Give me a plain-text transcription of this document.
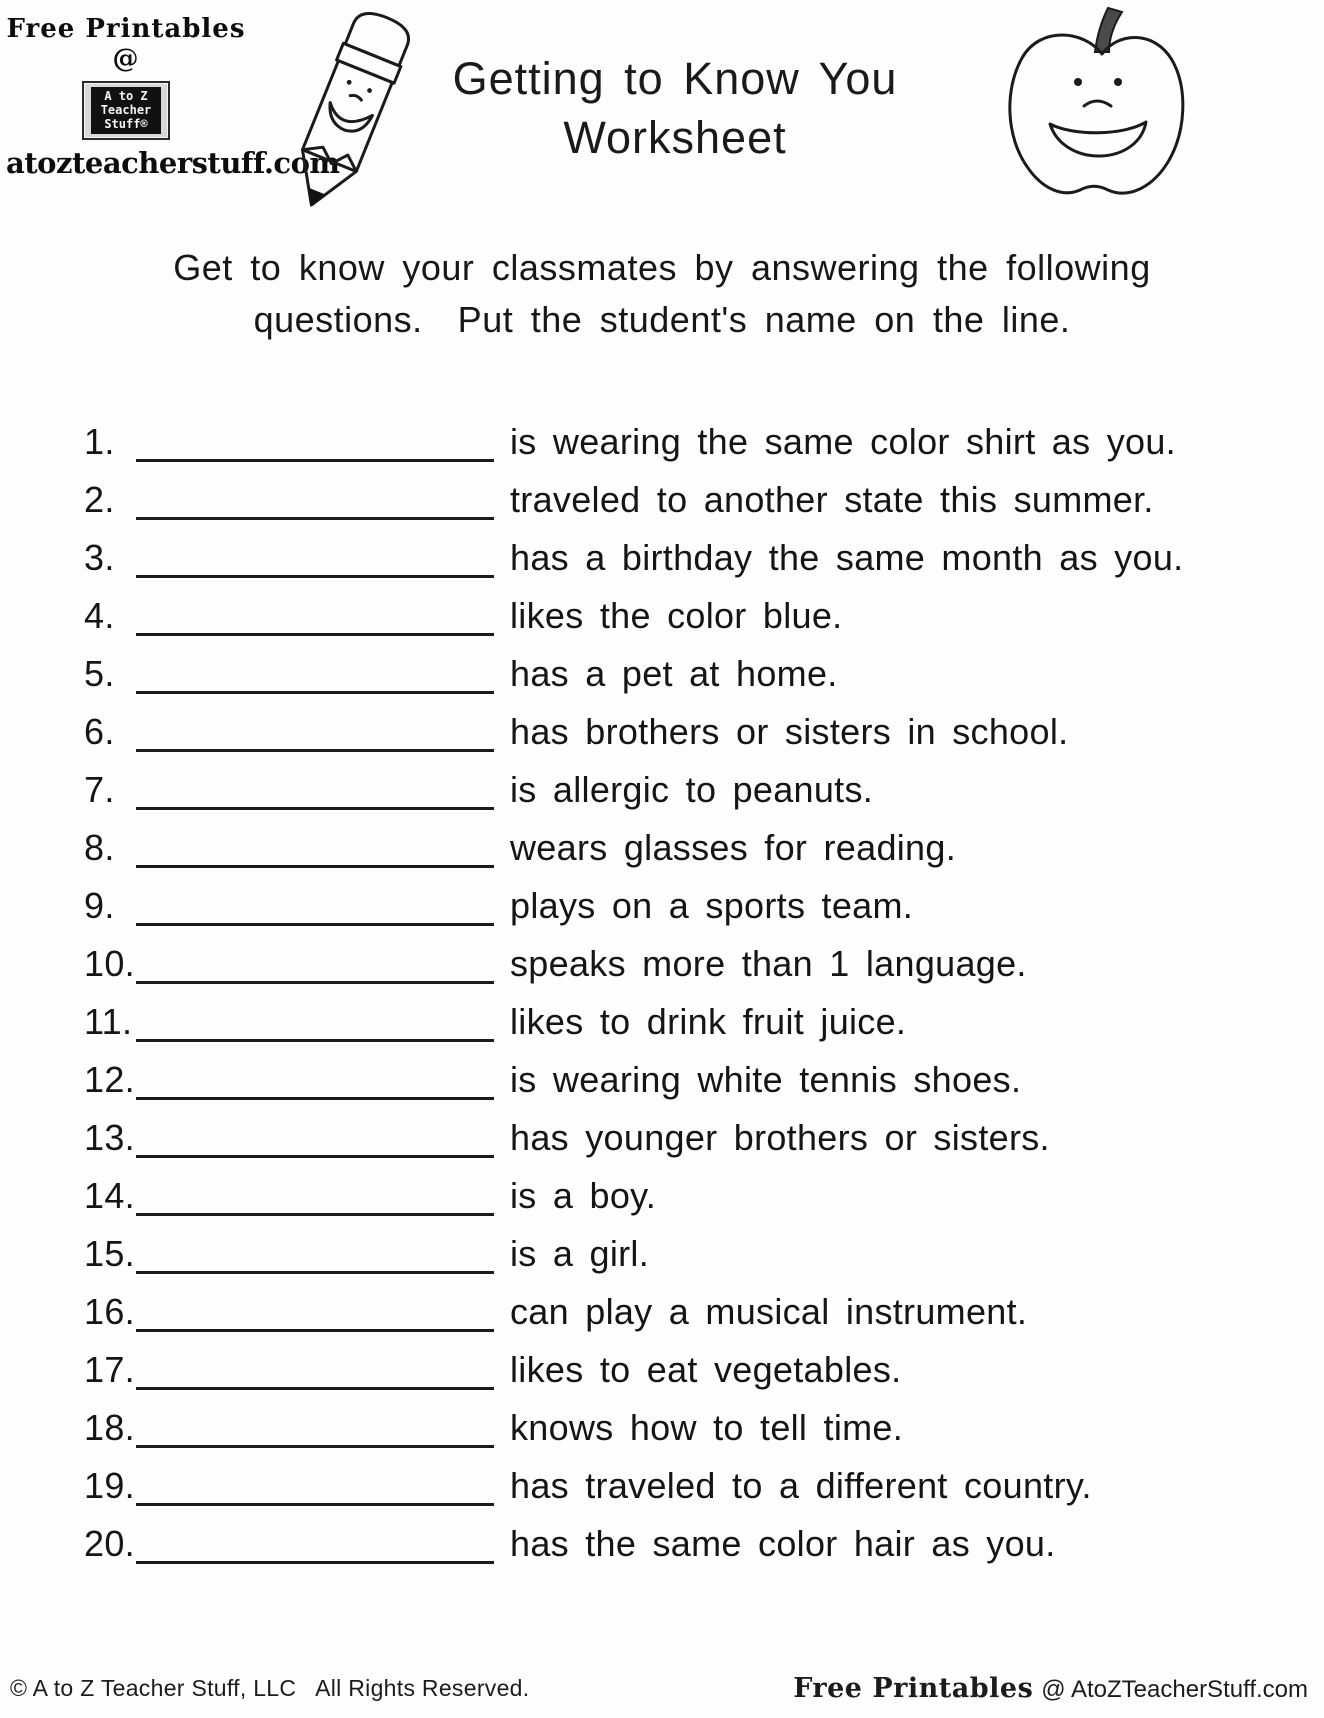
Free Printables @
A to Z
Teacher
Stuff®
atozteacherstuff.com
Getting to Know You
Worksheet

Get to know your classmates by answering the following
questions.  Put the student's name on the line.

1.	is wearing the same color shirt as you.
2.	traveled to another state this summer.
3.	has a birthday the same month as you.
4.	likes the color blue.
5.	has a pet at home.
6.	has brothers or sisters in school.
7.	is allergic to peanuts.
8.	wears glasses for reading.
9.	plays on a sports team.
10.	speaks more than 1 language.
11.	likes to drink fruit juice.
12.	is wearing white tennis shoes.
13.	has younger brothers or sisters.
14.	is a boy.
15.	is a girl.
16.	can play a musical instrument.
17.	likes to eat vegetables.
18.	knows how to tell time.
19.	has traveled to a different country.
20.	has the same color hair as you.
© A to Z Teacher Stuff, LLC   All Rights Reserved.	Free Printables @ AtoZTeacherStuff.com
